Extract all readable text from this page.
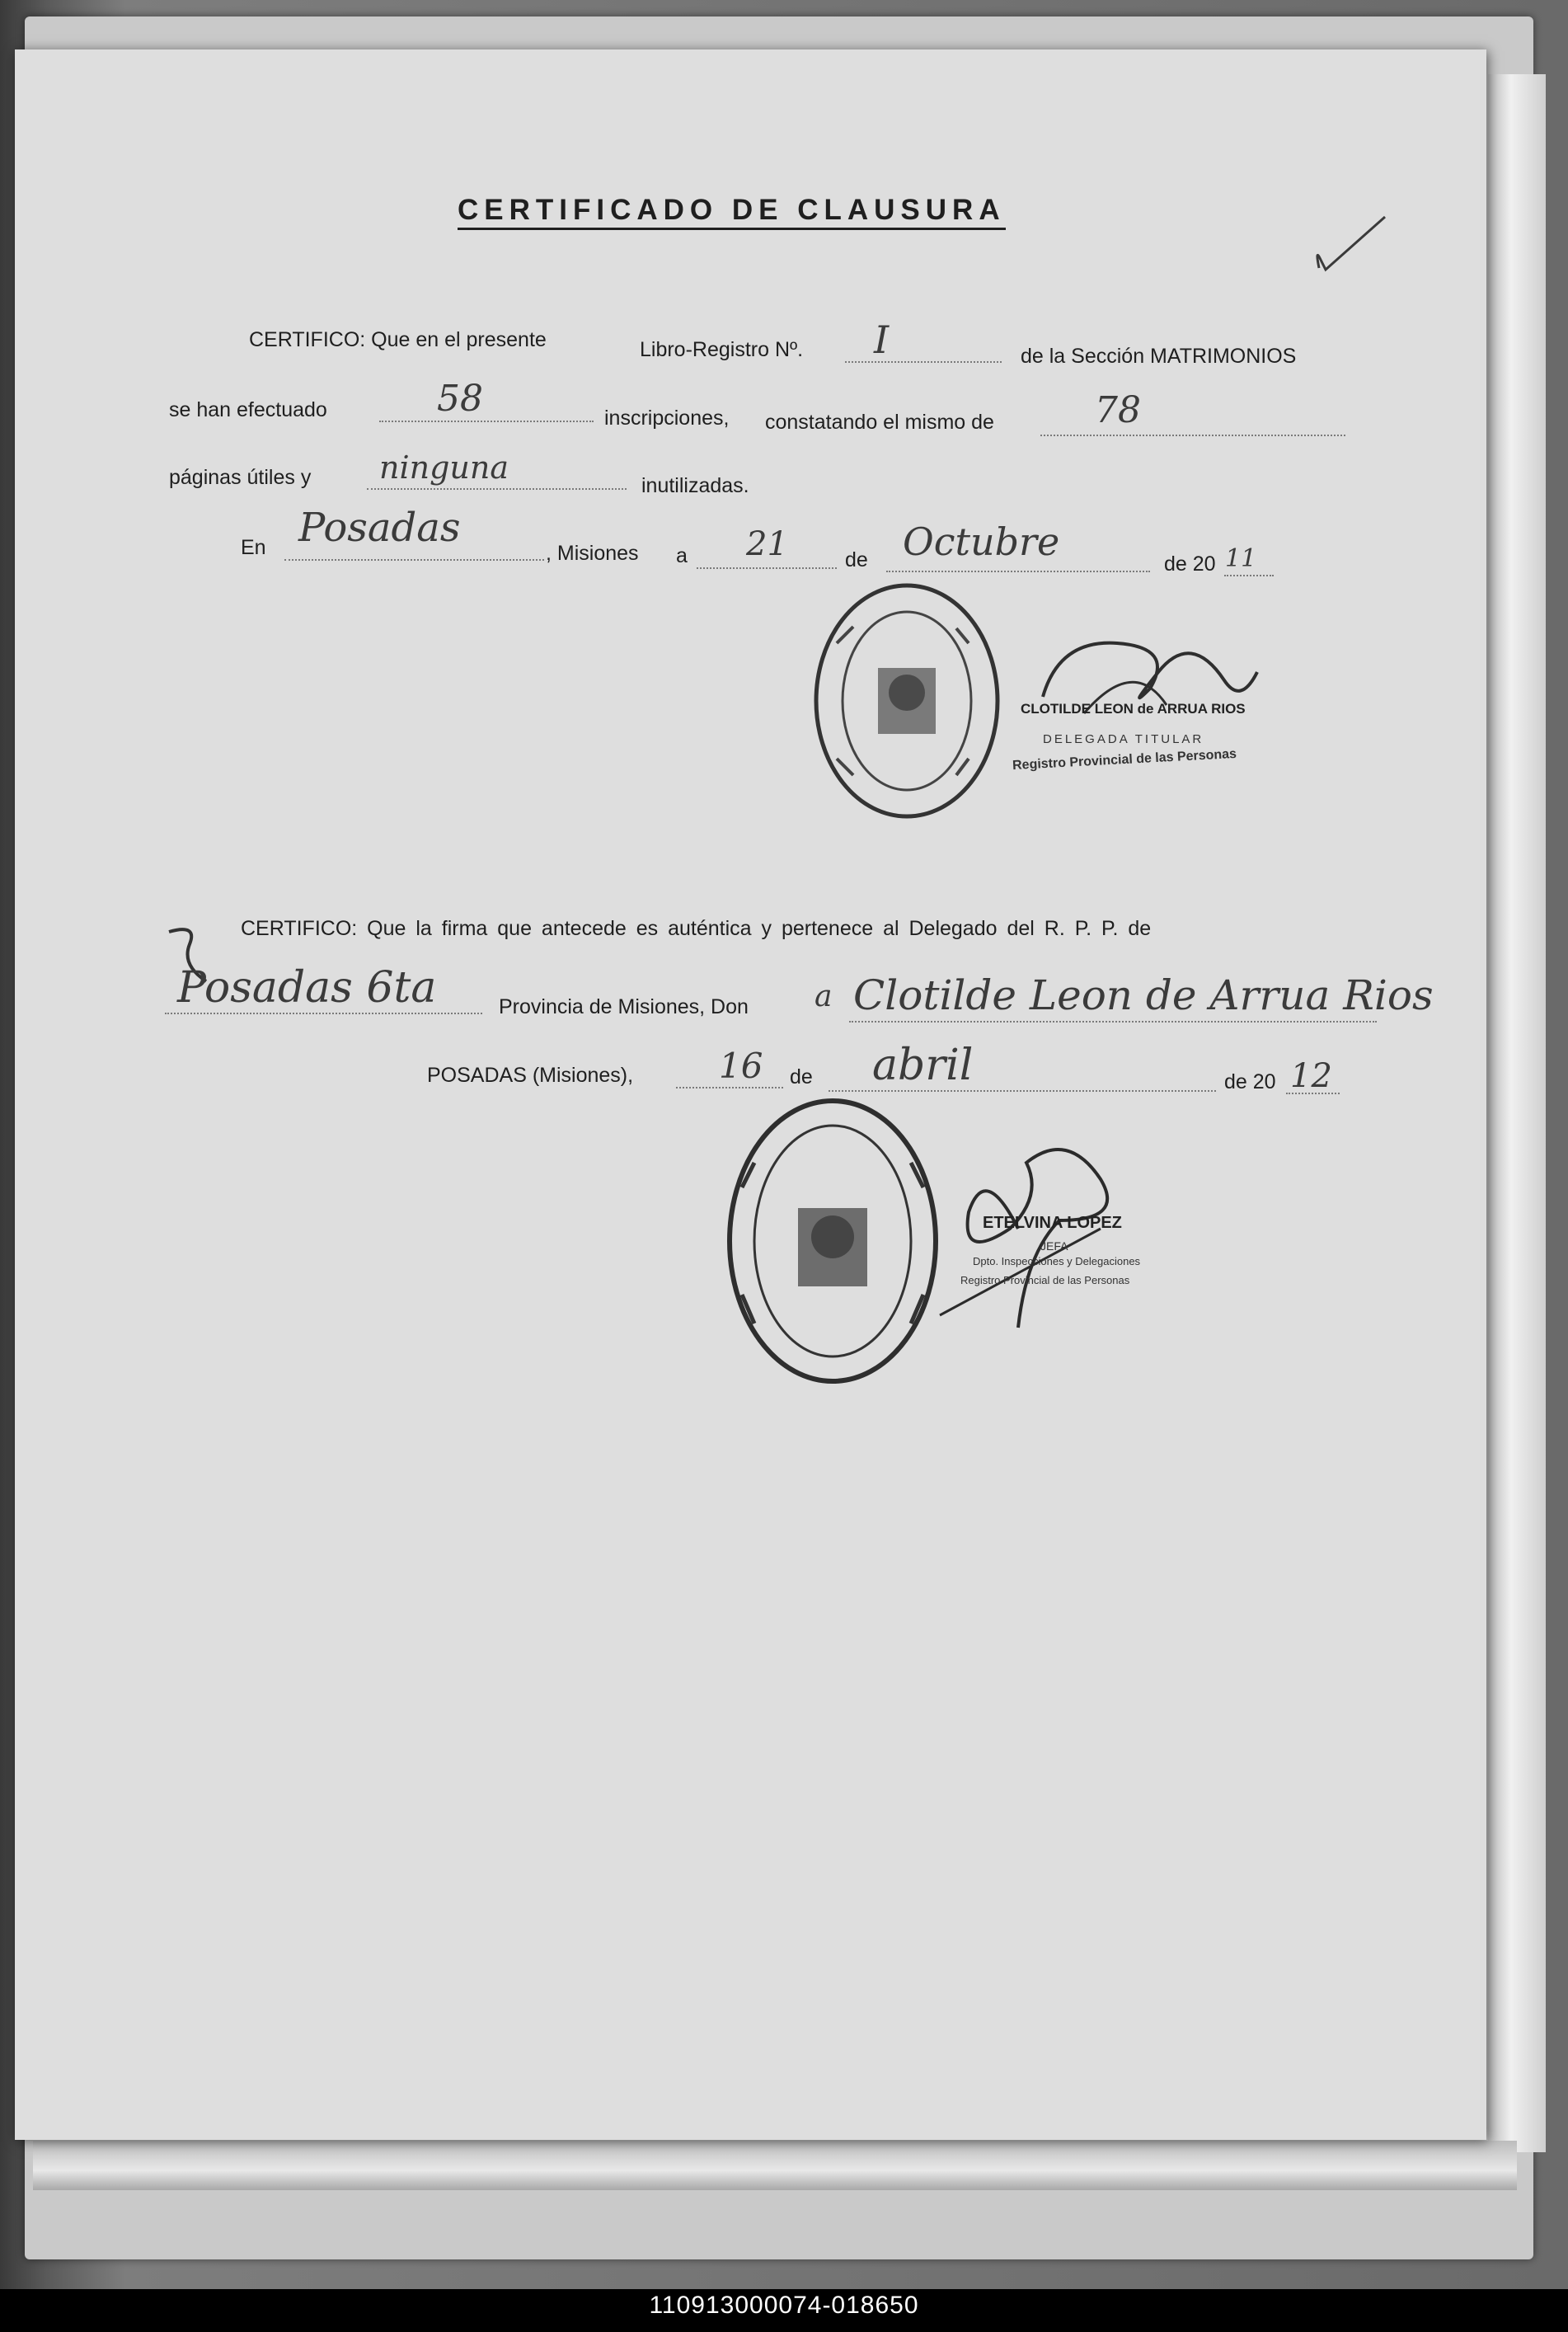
CERTIFICADO DE CLAUSURA
CERTIFICO: Que en el presente	Libro-Registro Nº. I	de la Sección MATRIMONIOS
se han efectuado	58	inscripciones, constatando el mismo de	78
páginas útiles y ninguna	inutilizadas.
En Posadas
, Misiones a 21	de Octubre	de 20 11
CLOTILDE LEON de ARRUA RIOS
DELEGADA TITULAR
Registro Provincial de las Personas
CERTIFICO: Que la firma que antecede es auténtica y pertenece al Delegado del R. P. P. de
Posadas 6ta	Provincia de Misiones, Don a Clotilde Leon de Arrua Rios
POSADAS (Misiones), 16 de abril	de 20 12
ETELVINA LOPEZ
JEFA
Dpto. Inspecciones y Delegaciones
Registro Provincial de las Personas
110913000074-018650
